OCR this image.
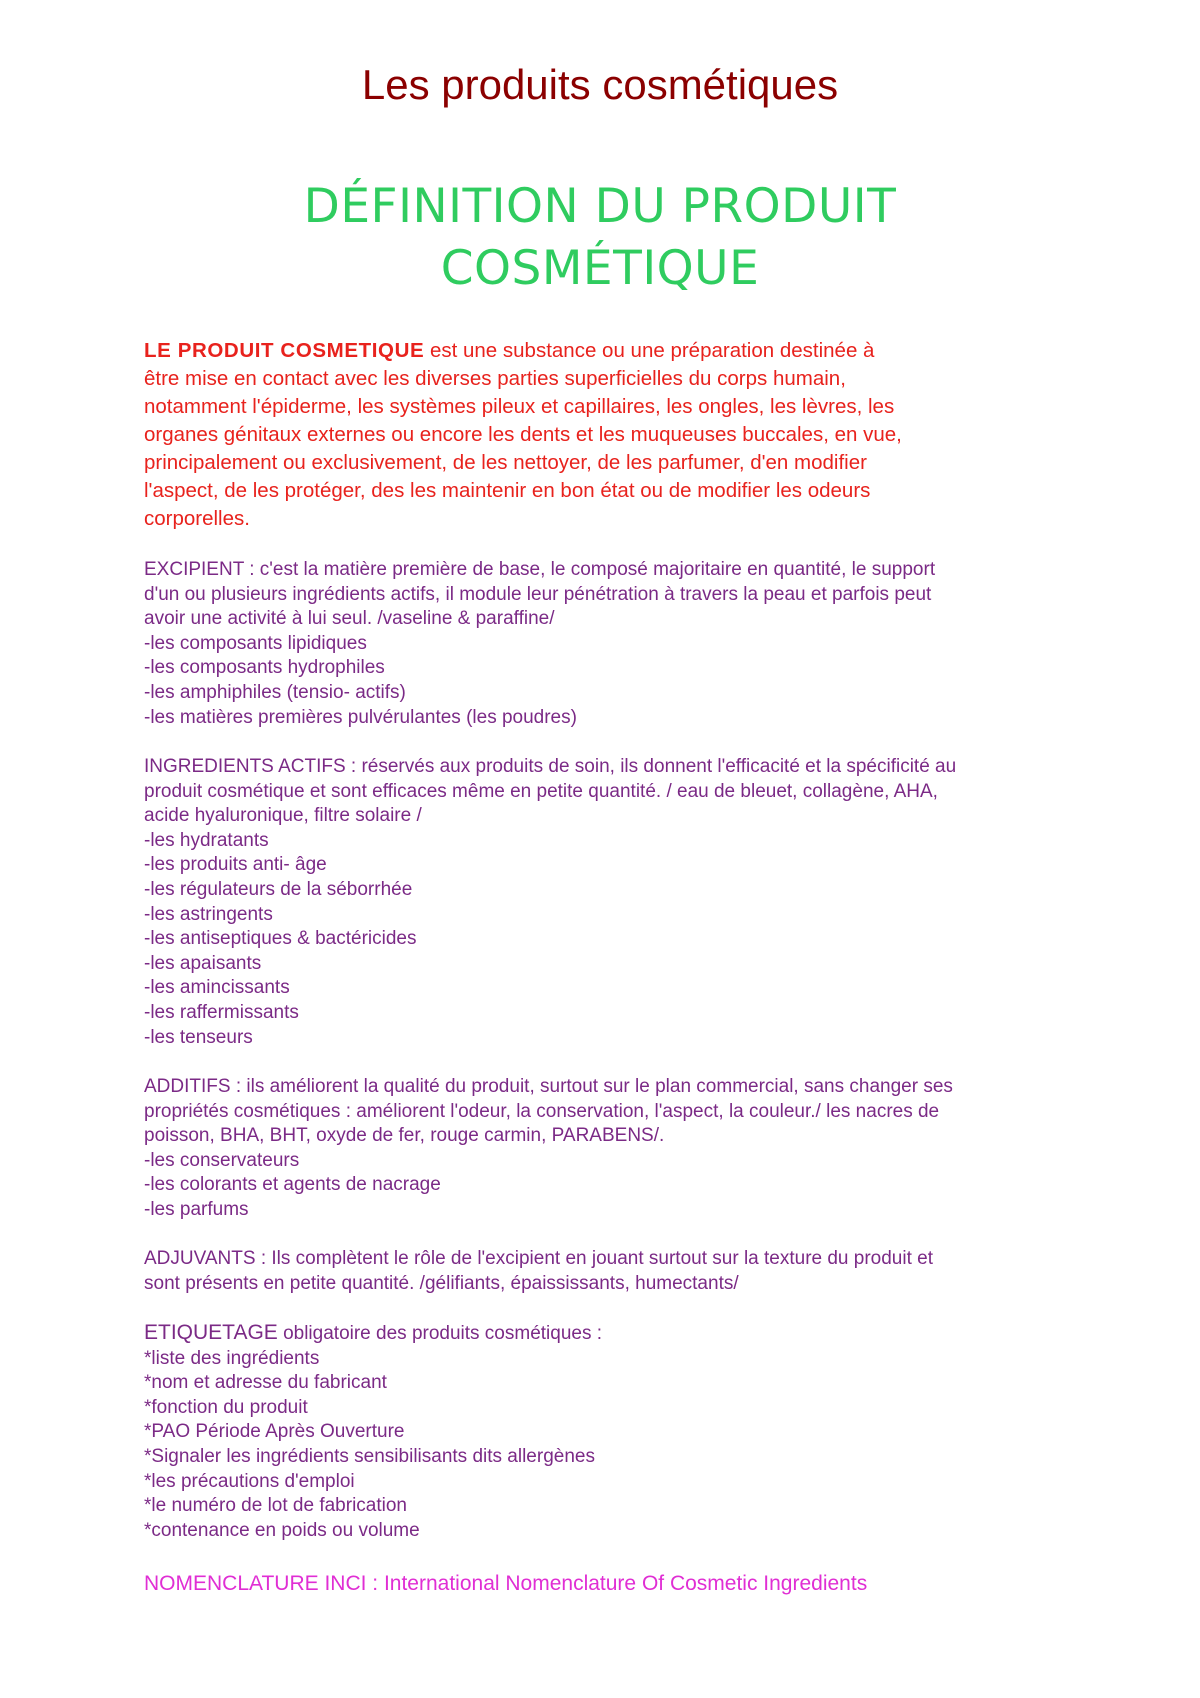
Les produits cosmétiques
DÉFINITION DU PRODUIT
COSMÉTIQUE
LE PRODUIT COSMETIQUE est une substance ou une préparation destinée à
être mise en contact avec les diverses parties superficielles du corps humain,
notamment l'épiderme, les systèmes pileux et capillaires, les ongles, les lèvres, les
organes génitaux externes ou encore les dents et les muqueuses buccales, en vue,
principalement ou exclusivement, de les nettoyer, de les parfumer, d'en modifier
l'aspect, de les protéger, des les maintenir en bon état ou de modifier les odeurs
corporelles.
EXCIPIENT : c'est la matière première de base, le composé majoritaire en quantité, le support
d'un ou plusieurs ingrédients actifs, il module leur pénétration à travers la peau et parfois peut
avoir une activité à lui seul. /vaseline & paraffine/
-les composants lipidiques
-les composants hydrophiles
-les amphiphiles (tensio- actifs)
-les matières premières pulvérulantes (les poudres)
INGREDIENTS ACTIFS : réservés aux produits de soin, ils donnent l'efficacité et la spécificité au
produit cosmétique et sont efficaces même en petite quantité. / eau de bleuet, collagène, AHA,
acide hyaluronique, filtre solaire /
-les hydratants
-les produits anti- âge
-les régulateurs de la séborrhée
-les astringents
-les antiseptiques & bactéricides
-les apaisants
-les amincissants
-les raffermissants
-les tenseurs
ADDITIFS : ils améliorent la qualité du produit, surtout sur le plan commercial, sans changer ses
propriétés cosmétiques : améliorent l'odeur, la conservation, l'aspect, la couleur./ les nacres de
poisson, BHA, BHT, oxyde de fer, rouge carmin, PARABENS/.
-les conservateurs
-les colorants et agents de nacrage
-les parfums
ADJUVANTS : Ils complètent le rôle de l'excipient en jouant surtout sur la texture du produit et
sont présents en petite quantité. /gélifiants, épaississants, humectants/
ETIQUETAGE obligatoire des produits cosmétiques :
*liste des ingrédients
*nom et adresse du fabricant
*fonction du produit
*PAO Période Après Ouverture
*Signaler les ingrédients sensibilisants dits allergènes
*les précautions d'emploi
*le numéro de lot de fabrication
*contenance en poids ou volume
NOMENCLATURE INCI : International Nomenclature Of Cosmetic Ingredients
